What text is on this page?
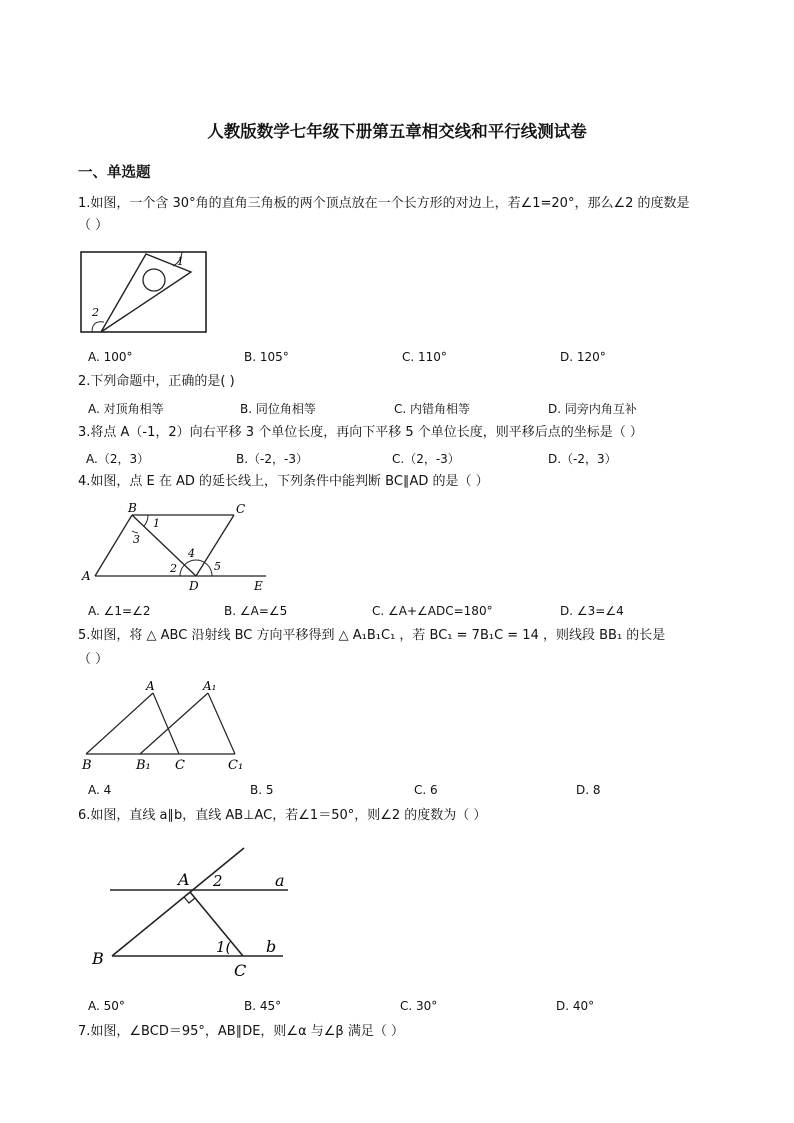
人教版数学七年级下册第五章相交线和平行线测试卷
一、单选题
1.如图，一个含 30°角的直角三角板的两个顶点放在一个长方形的对边上，若∠1=20°，那么∠2 的度数是
（ ）
1
2
A. 100°	B. 105°	C. 110°	D. 120°
2.下列命题中，正确的是( )
A. 对顶角相等	B. 同位角相等	C. 内错角相等	D. 同旁内角互补
3.将点 A（-1，2）向右平移 3 个单位长度，再向下平移 5 个单位长度，则平移后点的坐标是（ ）
A.（2，3）	B.（-2，-3）	C.（2，-3）	D.（-2，3）
4.如图，点 E 在 AD 的延长线上，下列条件中能判断 BC∥AD 的是（ ）
B	C
A
D	E
1
2
3
4
5
A. ∠1=∠2	B. ∠A=∠5	C. ∠A+∠ADC=180°	D. ∠3=∠4
5.如图，将 △ ABC 沿射线 BC 方向平移得到 △ A₁B₁C₁ ，若 BC₁ = 7B₁C = 14 ，则线段 BB₁ 的长是
（ ）
A	A₁
B	B₁ C	C₁
A. 4	B. 5	C. 6	D. 8
6.如图，直线 a∥b，直线 AB⊥AC，若∠1＝50°，则∠2 的度数为（ ）
A
B
C
a
b
1(
2
A. 50°	B. 45°	C. 30°	D. 40°
7.如图，∠BCD＝95°，AB∥DE，则∠α 与∠β 满足（ ）
